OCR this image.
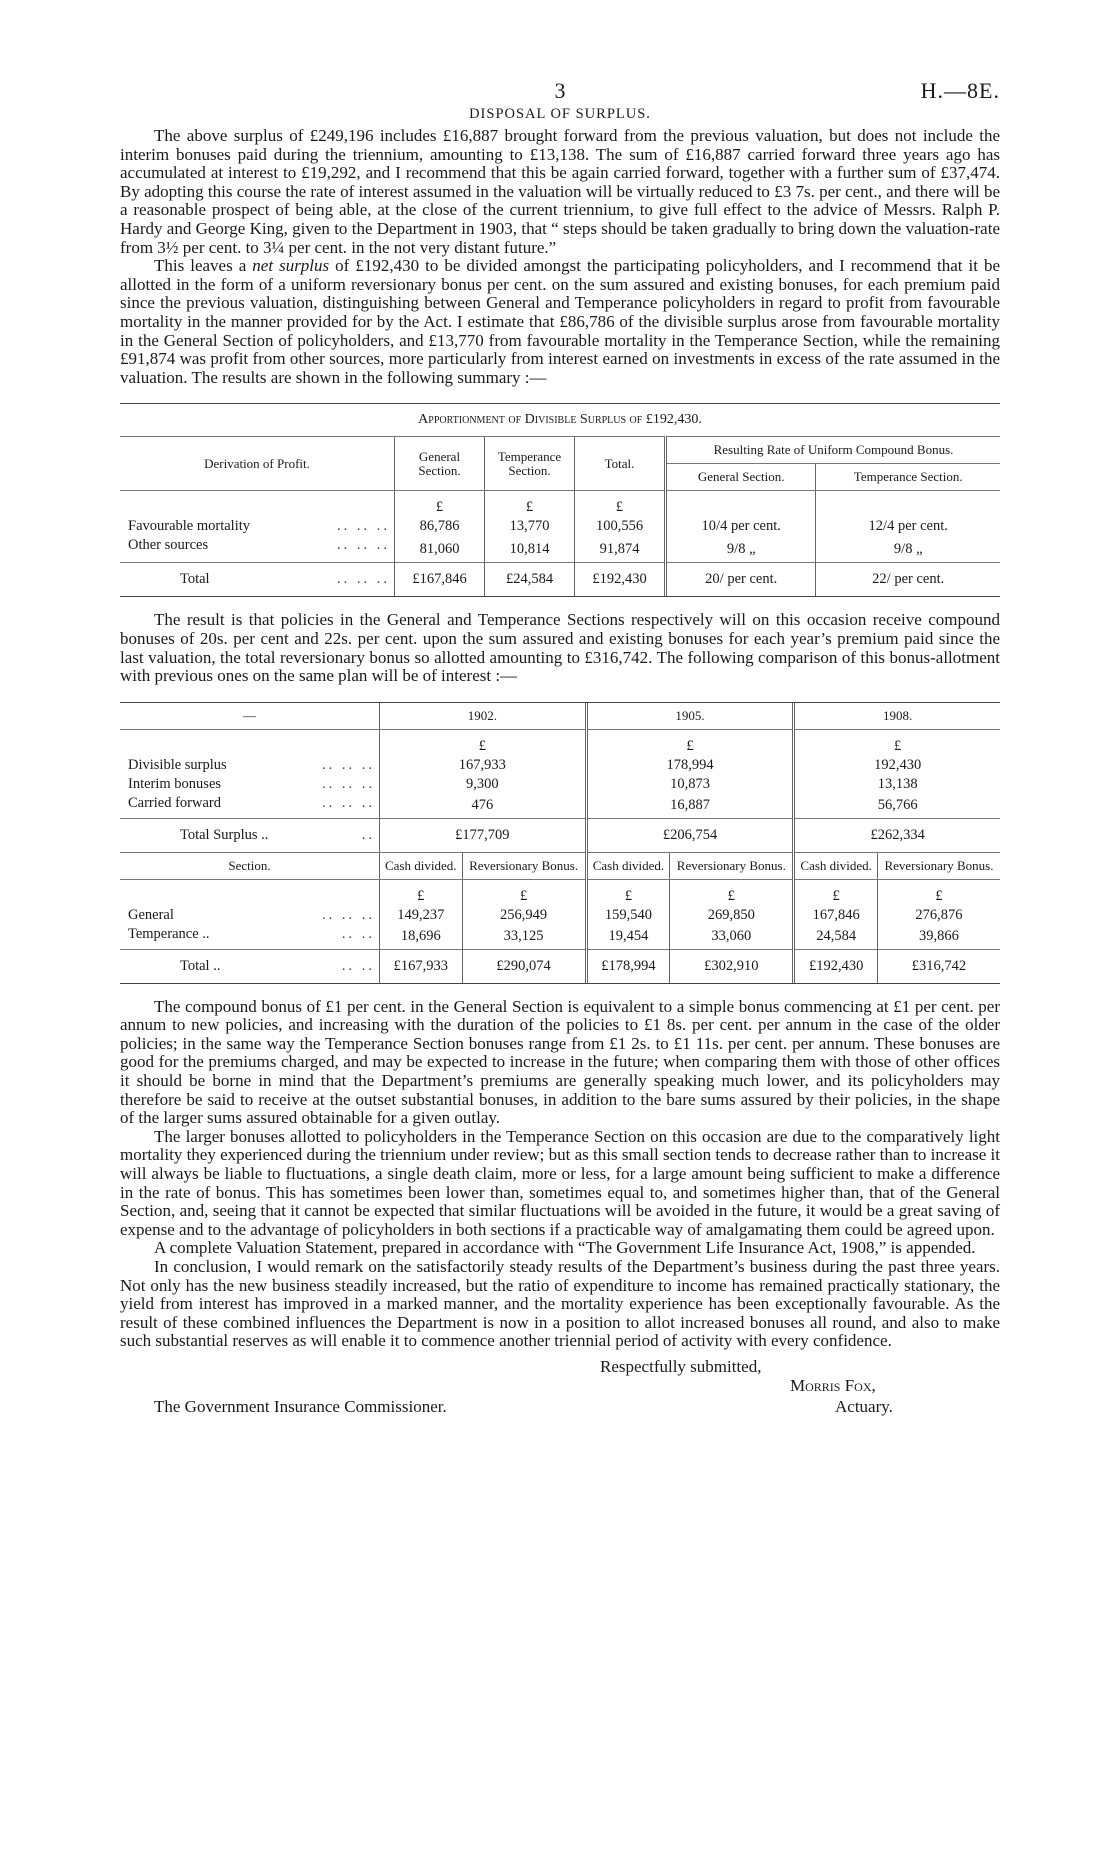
3	H.—8E.
DISPOSAL OF SURPLUS.

The above surplus of £249,196 includes £16,887 brought forward from the previous valuation, but does not include the interim bonuses paid during the triennium, amounting to £13,138. The sum of £16,887 carried forward three years ago has accumulated at interest to £19,292, and I recommend that this be again carried forward, together with a further sum of £37,474. By adopting this course the rate of interest assumed in the valuation will be virtually reduced to £3 7s. per cent., and there will be a reasonable prospect of being able, at the close of the current triennium, to give full effect to the advice of Messrs. Ralph P. Hardy and George King, given to the Department in 1903, that “ steps should be taken gradually to bring down the valuation-rate from 3½ per cent. to 3¼ per cent. in the not very distant future.”

This leaves a net surplus of £192,430 to be divided amongst the participating policyholders, and I recommend that it be allotted in the form of a uniform reversionary bonus per cent. on the sum assured and existing bonuses, for each premium paid since the previous valuation, distinguishing between General and Temperance policyholders in regard to profit from favourable mortality in the manner provided for by the Act. I estimate that £86,786 of the divisible surplus arose from favourable mortality in the General Section of policyholders, and £13,770 from favourable mortality in the Temperance Section, while the remaining £91,874 was profit from other sources, more particularly from interest earned on investments in excess of the rate assumed in the valuation. The results are shown in the following summary :—

Apportionment of Divisible Surplus of £192,430.					
Derivation of Profit.	General Section.	Temperance Section.	Total.	Resulting Rate of Uniform Compound Bonus.	
				General Section.	Temperance Section.
	£	£	£		

Favourable mortality .. .. ..	86,786	13,770	100,556	10/4 per cent.	12/4 per cent.

Other sources .. .. ..	81,060	10,814	91,874	9/8 „	9/8 „

Total .. .. ..	£167,846	£24,584	£192,430	20/ per cent.	22/ per cent.

The result is that policies in the General and Temperance Sections respectively will on this occasion receive compound bonuses of 20s. per cent and 22s. per cent. upon the sum assured and existing bonuses for each year’s premium paid since the last valuation, the total reversionary bonus so allotted amounting to £316,742. The following comparison of this bonus-allotment with previous ones on the same plan will be of interest :—

—	1902.		1905.		1908.	
	£		£		£	

Divisible surplus .. .. ..	167,933		178,994		192,430	

Interim bonuses .. .. ..	9,300		10,873		13,138	

Carried forward .. .. ..	476		16,887		56,766	

Total Surplus .. ..	£177,709		£206,754		£262,334	
Section.	Cash divided.	Reversionary Bonus.	Cash divided.	Reversionary Bonus.	Cash divided.	Reversionary Bonus.
	£	£	£	£	£	£

General .. .. ..	149,237	256,949	159,540	269,850	167,846	276,876

Temperance .. .. ..	18,696	33,125	19,454	33,060	24,584	39,866

Total .. .. ..	£167,933	£290,074	£178,994	£302,910	£192,430	£316,742

The compound bonus of £1 per cent. in the General Section is equivalent to a simple bonus commencing at £1 per cent. per annum to new policies, and increasing with the duration of the policies to £1 8s. per cent. per annum in the case of the older policies; in the same way the Temperance Section bonuses range from £1 2s. to £1 11s. per cent. per annum. These bonuses are good for the premiums charged, and may be expected to increase in the future; when comparing them with those of other offices it should be borne in mind that the Department’s premiums are generally speaking much lower, and its policyholders may therefore be said to receive at the outset substantial bonuses, in addition to the bare sums assured by their policies, in the shape of the larger sums assured obtainable for a given outlay.

The larger bonuses allotted to policyholders in the Temperance Section on this occasion are due to the comparatively light mortality they experienced during the triennium under review; but as this small section tends to decrease rather than to increase it will always be liable to fluctuations, a single death claim, more or less, for a large amount being sufficient to make a difference in the rate of bonus. This has sometimes been lower than, sometimes equal to, and sometimes higher than, that of the General Section, and, seeing that it cannot be expected that similar fluctuations will be avoided in the future, it would be a great saving of expense and to the advantage of policyholders in both sections if a practicable way of amalgamating them could be agreed upon.

A complete Valuation Statement, prepared in accordance with “The Government Life Insurance Act, 1908,” is appended.

In conclusion, I would remark on the satisfactorily steady results of the Department’s business during the past three years. Not only has the new business steadily increased, but the ratio of expenditure to income has remained practically stationary, the yield from interest has improved in a marked manner, and the mortality experience has been exceptionally favourable. As the result of these combined influences the Department is now in a position to allot increased bonuses all round, and also to make such substantial reserves as will enable it to commence another triennial period of activity with every confidence.

Respectfully submitted,
Morris Fox,
Actuary.
The Government Insurance Commissioner.
